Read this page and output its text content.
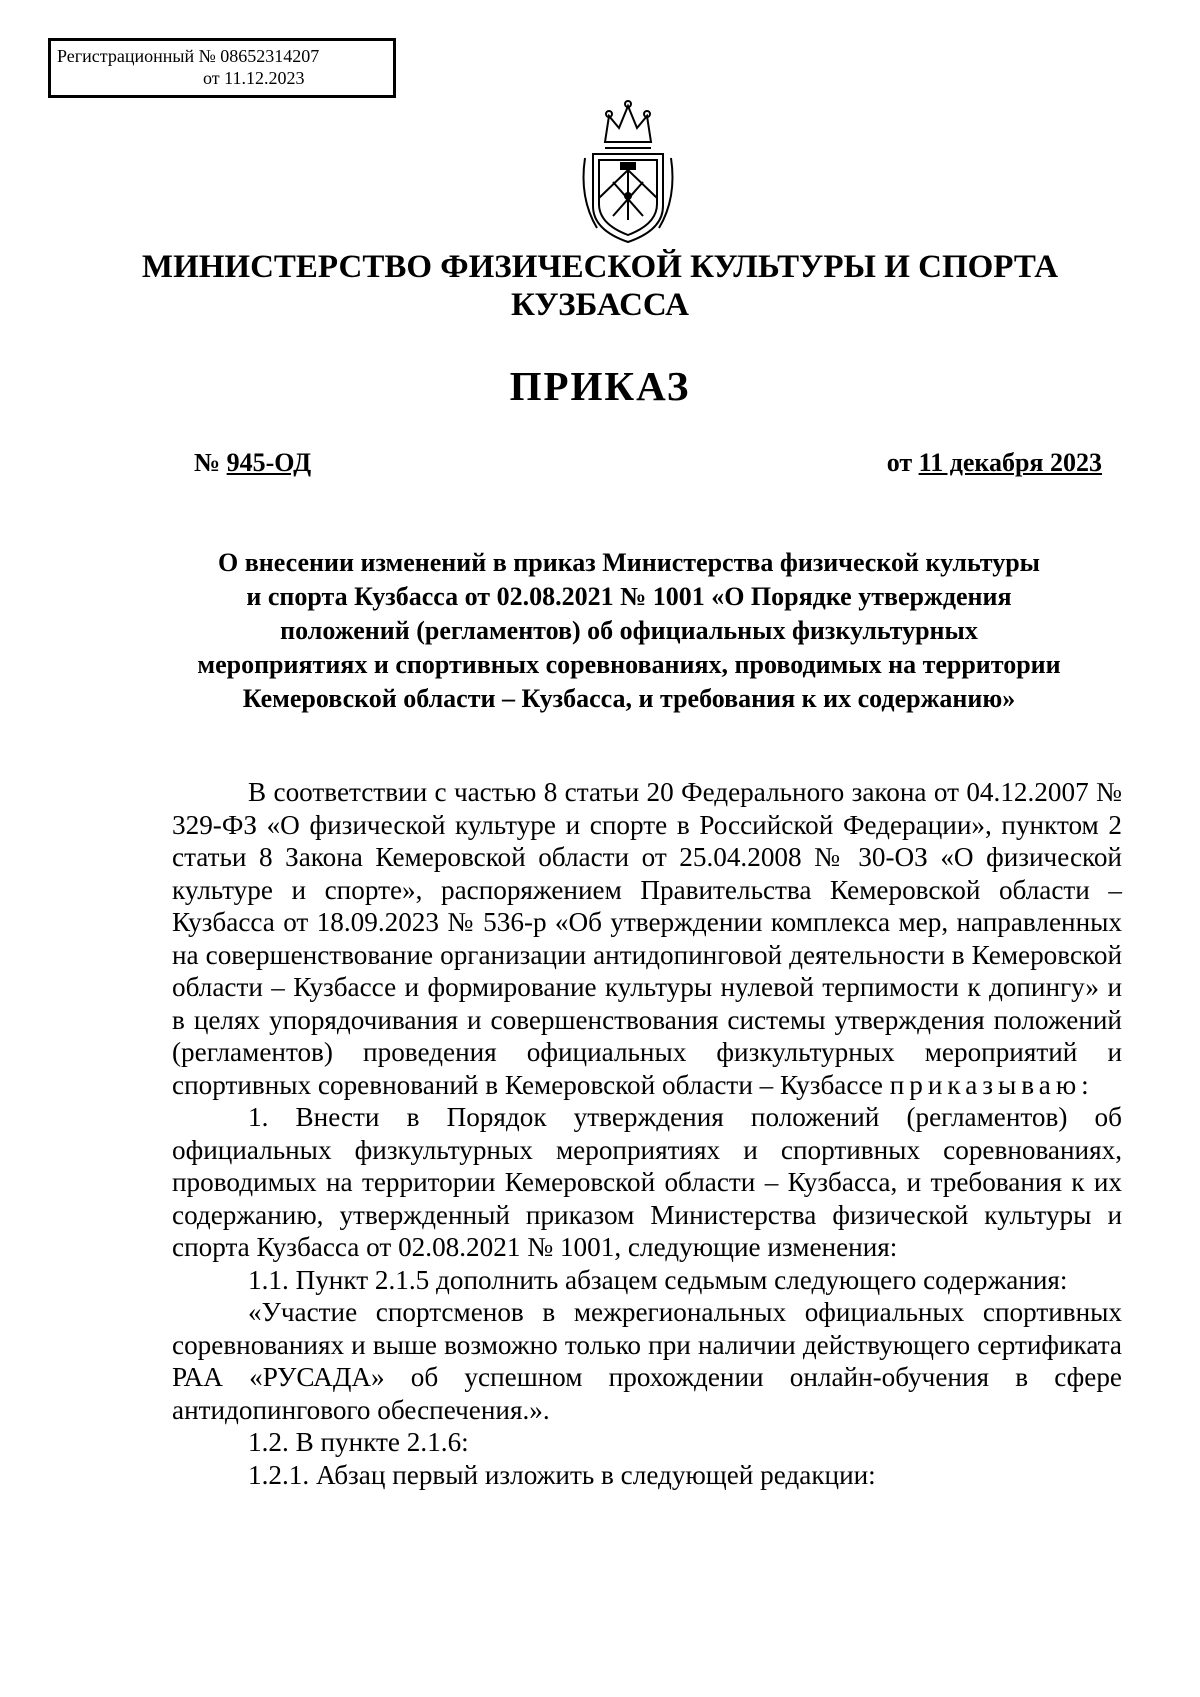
Регистрационный № 08652314207
от 11.12.2023
МИНИСТЕРСТВО ФИЗИЧЕСКОЙ КУЛЬТУРЫ И СПОРТА
КУЗБАССА
ПРИКАЗ
№ 945-ОД	от 11 декабря 2023
О внесении изменений в приказ Министерства физической культуры
и спорта Кузбасса от 02.08.2021 № 1001 «О Порядке утверждения
положений (регламентов) об официальных физкультурных
мероприятиях и спортивных соревнованиях, проводимых на территории
Кемеровской области – Кузбасса, и требования к их содержанию»

В соответствии с частью 8 статьи 20 Федерального закона от 04.12.2007 № 329-ФЗ «О физической культуре и спорте в Российской Федерации», пунктом 2 статьи 8 Закона Кемеровской области от 25.04.2008 № 30-ОЗ «О физической культуре и спорте», распоряжением Правительства Кемеровской области – Кузбасса от 18.09.2023 № 536-р «Об утверждении комплекса мер, направленных на совершенствование организации антидопинговой деятельности в Кемеровской области – Кузбассе и формирование культуры нулевой терпимости к допингу» и в целях упорядочивания и совершенствования системы утверждения положений (регламентов) проведения официальных физкультурных мероприятий и спортивных соревнований в Кемеровской области – Кузбассе приказываю:

1. Внести в Порядок утверждения положений (регламентов) об официальных физкультурных мероприятиях и спортивных соревнованиях, проводимых на территории Кемеровской области – Кузбасса, и требования к их содержанию, утвержденный приказом Министерства физической культуры и спорта Кузбасса от 02.08.2021 № 1001, следующие изменения:

1.1. Пункт 2.1.5 дополнить абзацем седьмым следующего содержания:

«Участие спортсменов в межрегиональных официальных спортивных соревнованиях и выше возможно только при наличии действующего сертификата РАА «РУСАДА» об успешном прохождении онлайн-обучения в сфере антидопингового обеспечения.».

1.2. В пункте 2.1.6:

1.2.1. Абзац первый изложить в следующей редакции:
